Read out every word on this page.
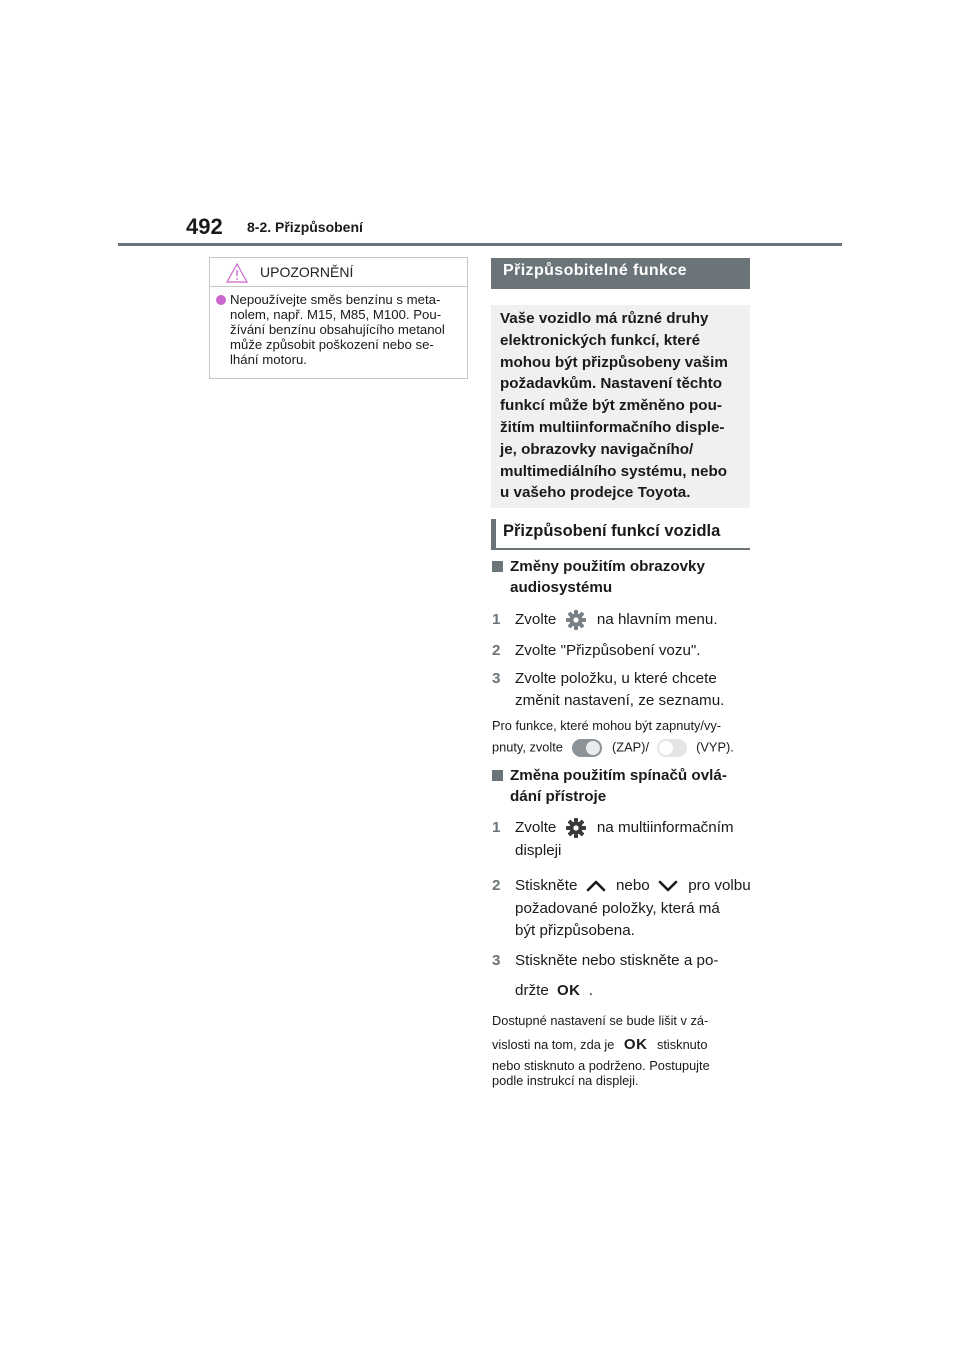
492 8-2. Přizpůsobení
UPOZORNĚNÍ
Nepoužívejte směs benzínu s meta-
nolem, např. M15, M85, M100. Pou-
žívání benzínu obsahujícího metanol
může způsobit poškození nebo se-
lhání motoru.
Přizpůsobitelné funkce
Vaše vozidlo má různé druhy
elektronických funkcí, které
mohou být přizpůsobeny vašim
požadavkům. Nastavení těchto
funkcí může být změněno pou-
žitím multiinformačního disple-
je, obrazovky navigačního/
multimediálního systému, nebo
u vašeho prodejce Toyota.
Přizpůsobení funkcí vozidla
Změny použitím obrazovky
audiosystému
1 Zvolte	na hlavním menu.
2 Zvolte "Přizpůsobení vozu".
3 Zvolte položku, u které chcete
změnit nastavení, ze seznamu.
Pro funkce, které mohou být zapnuty/vy-
pnuty, zvolte	(ZAP)/	(VYP).
Změna použitím spínačů ovlá-
dání přístroje
1 Zvolte	na multiinformačním
displeji
2 Stiskněte	nebo	pro volbu
požadované položky, která má
být přizpůsobena.
3 Stiskněte nebo stiskněte a po-
držte OK .
Dostupné nastavení se bude lišit v zá-
vislosti na tom, zda je OK stisknuto
nebo stisknuto a podrženo. Postupujte
podle instrukcí na displeji.
